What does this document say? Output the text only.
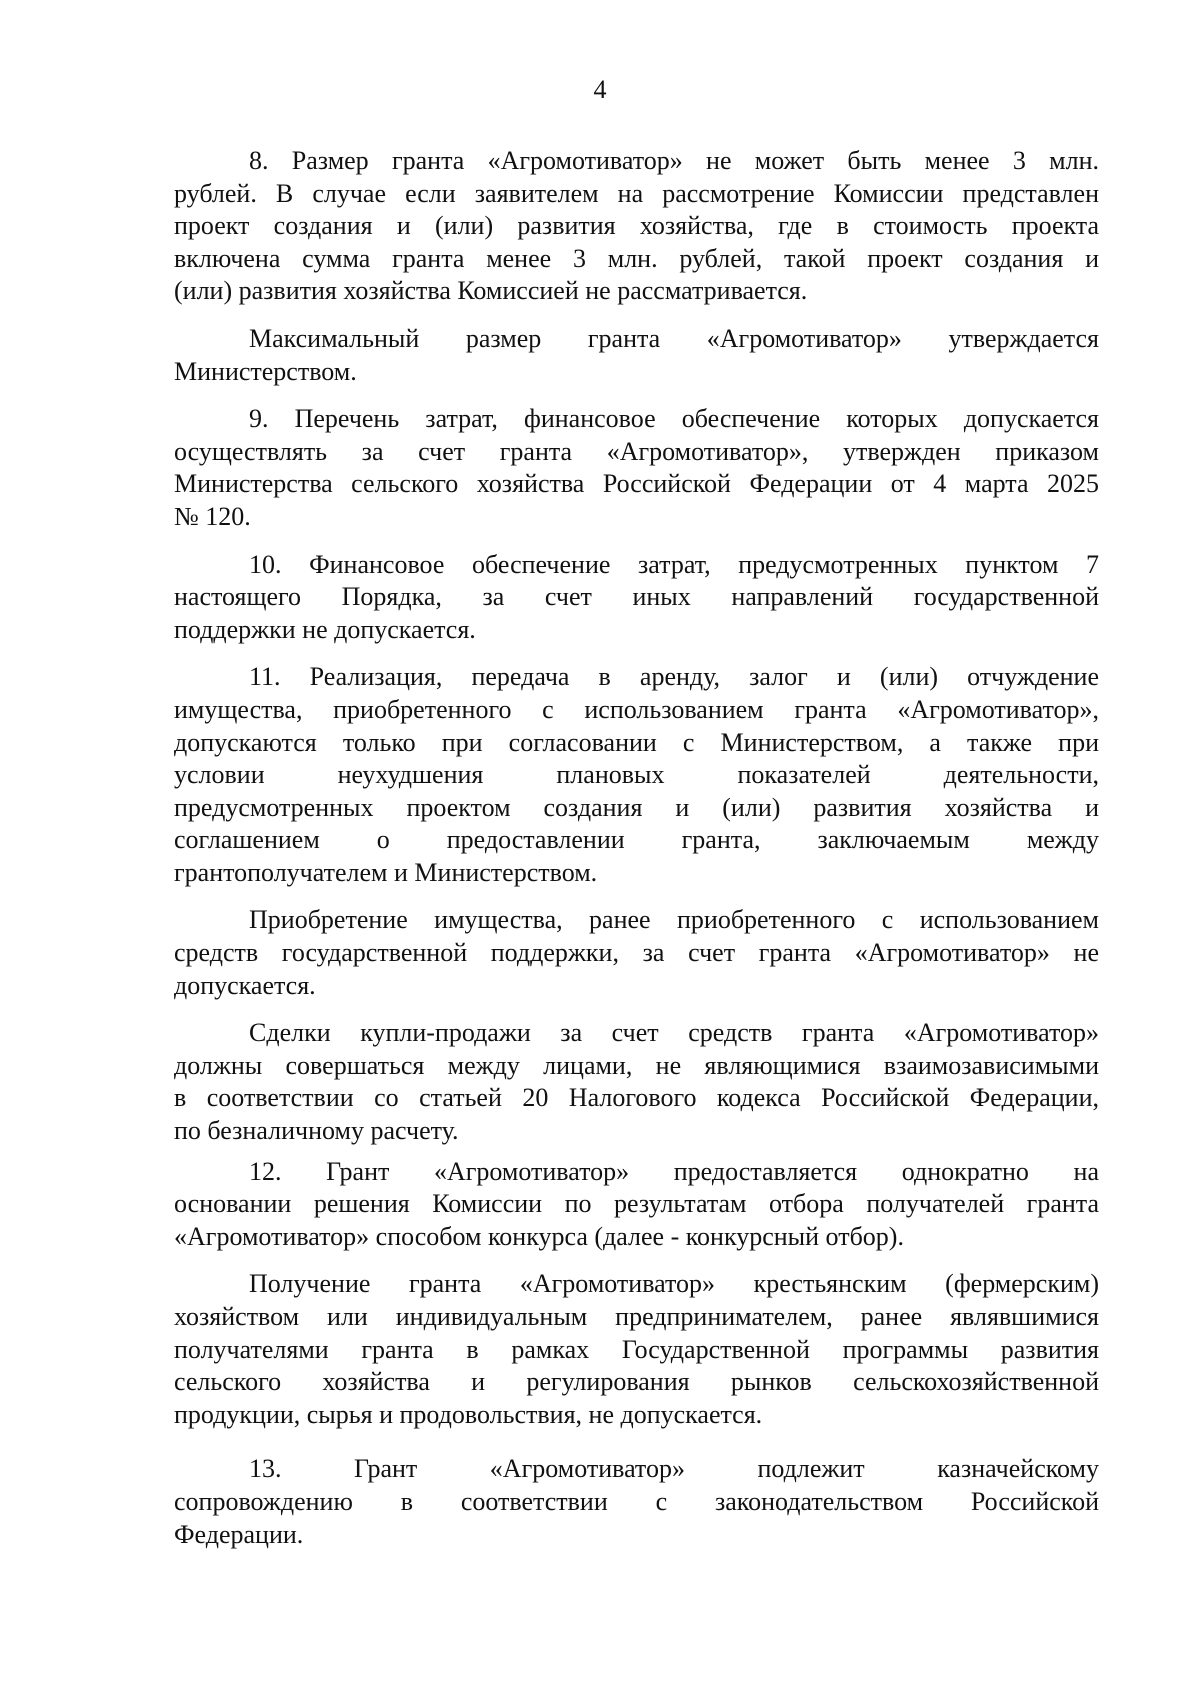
4
8. Размер гранта «Агромотиватор» не может быть менее 3 млн.
рублей. В случае если заявителем на рассмотрение Комиссии представлен
проект создания и (или) развития хозяйства, где в стоимость проекта
включена сумма гранта менее 3 млн. рублей, такой проект создания и
(или) развития хозяйства Комиссией не рассматривается.
Максимальный размер гранта «Агромотиватор» утверждается
Министерством.
9. Перечень затрат, финансовое обеспечение которых допускается
осуществлять за счет гранта «Агромотиватор», утвержден приказом
Министерства сельского хозяйства Российской Федерации от 4 марта 2025
№ 120.
10. Финансовое обеспечение затрат, предусмотренных пунктом 7
настоящего Порядка, за счет иных направлений государственной
поддержки не допускается.
11. Реализация, передача в аренду, залог и (или) отчуждение
имущества, приобретенного с использованием гранта «Агромотиватор»,
допускаются только при согласовании с Министерством, а также при
условии неухудшения плановых показателей деятельности,
предусмотренных проектом создания и (или) развития хозяйства и
соглашением о предоставлении гранта, заключаемым между
грантополучателем и Министерством.
Приобретение имущества, ранее приобретенного с использованием
средств государственной поддержки, за счет гранта «Агромотиватор» не
допускается.
Сделки купли-продажи за счет средств гранта «Агромотиватор»
должны совершаться между лицами, не являющимися взаимозависимыми
в соответствии со статьей 20 Налогового кодекса Российской Федерации,
по безналичному расчету.
12. Грант «Агромотиватор» предоставляется однократно на
основании решения Комиссии по результатам отбора получателей гранта
«Агромотиватор» способом конкурса (далее - конкурсный отбор).
Получение гранта «Агромотиватор» крестьянским (фермерским)
хозяйством или индивидуальным предпринимателем, ранее являвшимися
получателями гранта в рамках Государственной программы развития
сельского хозяйства и регулирования рынков сельскохозяйственной
продукции, сырья и продовольствия, не допускается.
13. Грант «Агромотиватор» подлежит казначейскому
сопровождению в соответствии с законодательством Российской
Федерации.
